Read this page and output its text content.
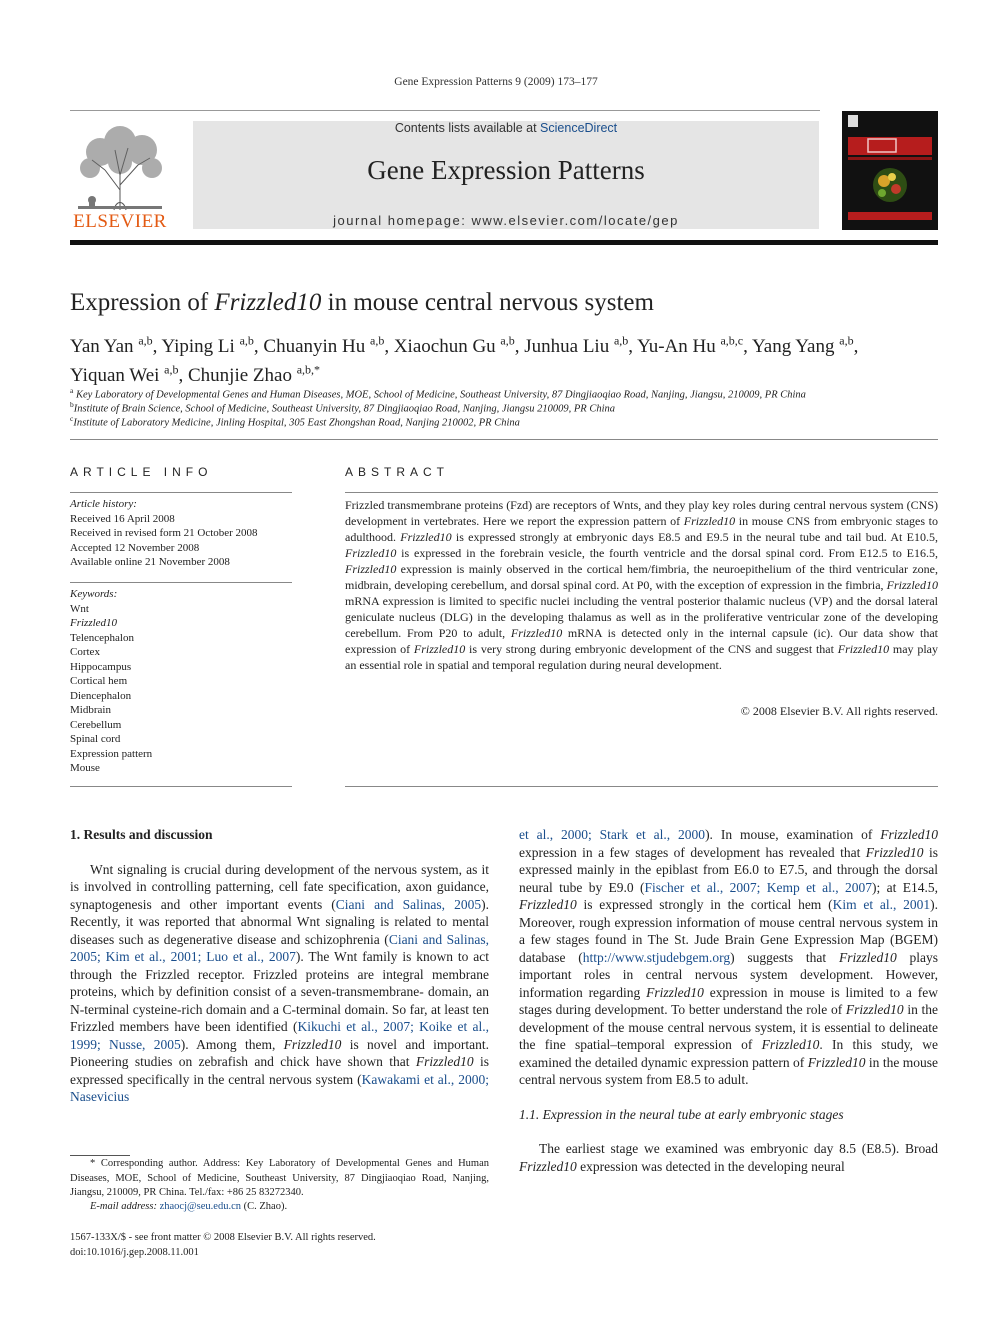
Gene Expression Patterns 9 (2009) 173–177
ELSEVIER
Contents lists available at ScienceDirect
Gene Expression Patterns
journal homepage: www.elsevier.com/locate/gep
Expression of Frizzled10 in mouse central nervous system
Yan Yan $^{a,b}$, Yiping Li $^{a,b}$, Chuanyin Hu $^{a,b}$, Xiaochun Gu $^{a,b}$, Junhua Liu $^{a,b}$, Yu-An Hu $^{a,b,c}$, Yang Yang $^{a,b}$,
Yiquan Wei $^{a,b}$, Chunjie Zhao $^{a,b,*}$
$^a$ Key Laboratory of Developmental Genes and Human Diseases, MOE, School of Medicine, Southeast University, 87 Dingjiaoqiao Road, Nanjing, Jiangsu, 210009, PR China
$^b$Institute of Brain Science, School of Medicine, Southeast University, 87 Dingjiaoqiao Road, Nanjing, Jiangsu 210009, PR China
$^c$Institute of Laboratory Medicine, Jinling Hospital, 305 East Zhongshan Road, Nanjing 210002, PR China
ARTICLE INFO
Article history:
Received 16 April 2008
Received in revised form 21 October 2008
Accepted 12 November 2008
Available online 21 November 2008
Keywords:
Wnt
Frizzled10
Telencephalon
Cortex
Hippocampus
Cortical hem
Diencephalon
Midbrain
Cerebellum
Spinal cord
Expression pattern
Mouse
ABSTRACT
Frizzled transmembrane proteins (Fzd) are receptors of Wnts, and they play key roles during central nervous system (CNS) development in vertebrates. Here we report the expression pattern of Frizzled10 in mouse CNS from embryonic stages to adulthood. Frizzled10 is expressed strongly at embryonic days E8.5 and E9.5 in the neural tube and tail bud. At E10.5, Frizzled10 is expressed in the forebrain vesicle, the fourth ventricle and the dorsal spinal cord. From E12.5 to E16.5, Frizzled10 expression is mainly observed in the cortical hem/fimbria, the neuroepithelium of the third ventricular zone, midbrain, developing cerebellum, and dorsal spinal cord. At P0, with the exception of expression in the fimbria, Frizzled10 mRNA expression is limited to specific nuclei including the ventral posterior thalamic nucleus (VP) and the dorsal lateral geniculate nucleus (DLG) in the developing thalamus as well as in the proliferative ventricular zone of the developing cerebellum. From P20 to adult, Frizzled10 mRNA is detected only in the internal capsule (ic). Our data show that expression of Frizzled10 is very strong during embryonic development of the CNS and suggest that Frizzled10 may play an essential role in spatial and temporal regulation during neural development.
© 2008 Elsevier B.V. All rights reserved.

1. Results and discussion

Wnt signaling is crucial during development of the nervous system, as it is involved in controlling patterning, cell fate specification, axon guidance, synaptogenesis and other important events (Ciani and Salinas, 2005). Recently, it was reported that abnormal Wnt signaling is related to mental diseases such as degenerative disease and schizophrenia (Ciani and Salinas, 2005; Kim et al., 2001; Luo et al., 2007). The Wnt family is known to act through the Frizzled receptor. Frizzled proteins are integral membrane proteins, which by definition consist of a seven-transmembrane- domain, an N-terminal cysteine-rich domain and a C-terminal domain. So far, at least ten Frizzled members have been identified (Kikuchi et al., 2007; Koike et al., 1999; Nusse, 2005). Among them, Frizzled10 is novel and important. Pioneering studies on zebrafish and chick have shown that Frizzled10 is expressed specifically in the central nervous system (Kawakami et al., 2000; Nasevicius

* Corresponding author. Address: Key Laboratory of Developmental Genes and Human Diseases, MOE, School of Medicine, Southeast University, 87 Dingjiaoqiao Road, Nanjing, Jiangsu, 210009, PR China. Tel./fax: +86 25 83272340.
E-mail address: zhaocj@seu.edu.cn (C. Zhao).
1567-133X/$ - see front matter © 2008 Elsevier B.V. All rights reserved.
doi:10.1016/j.gep.2008.11.001

et al., 2000; Stark et al., 2000). In mouse, examination of Frizzled10 expression in a few stages of development has revealed that Frizzled10 is expressed mainly in the epiblast from E6.0 to E7.5, and through the dorsal neural tube by E9.0 (Fischer et al., 2007; Kemp et al., 2007); at E14.5, Frizzled10 is expressed strongly in the cortical hem (Kim et al., 2001). Moreover, rough expression information of mouse central nervous system in a few stages found in The St. Jude Brain Gene Expression Map (BGEM) database (http://www.stjudebgem.org) suggests that Frizzled10 plays important roles in central nervous system development. However, information regarding Frizzled10 expression in mouse is limited to a few stages during development. To better understand the role of Frizzled10 in the development of the mouse central nervous system, it is essential to delineate the fine spatial–temporal expression of Frizzled10. In this study, we examined the detailed dynamic expression pattern of Frizzled10 in the mouse central nervous system from E8.5 to adult.

1.1. Expression in the neural tube at early embryonic stages

The earliest stage we examined was embryonic day 8.5 (E8.5). Broad Frizzled10 expression was detected in the developing neural
